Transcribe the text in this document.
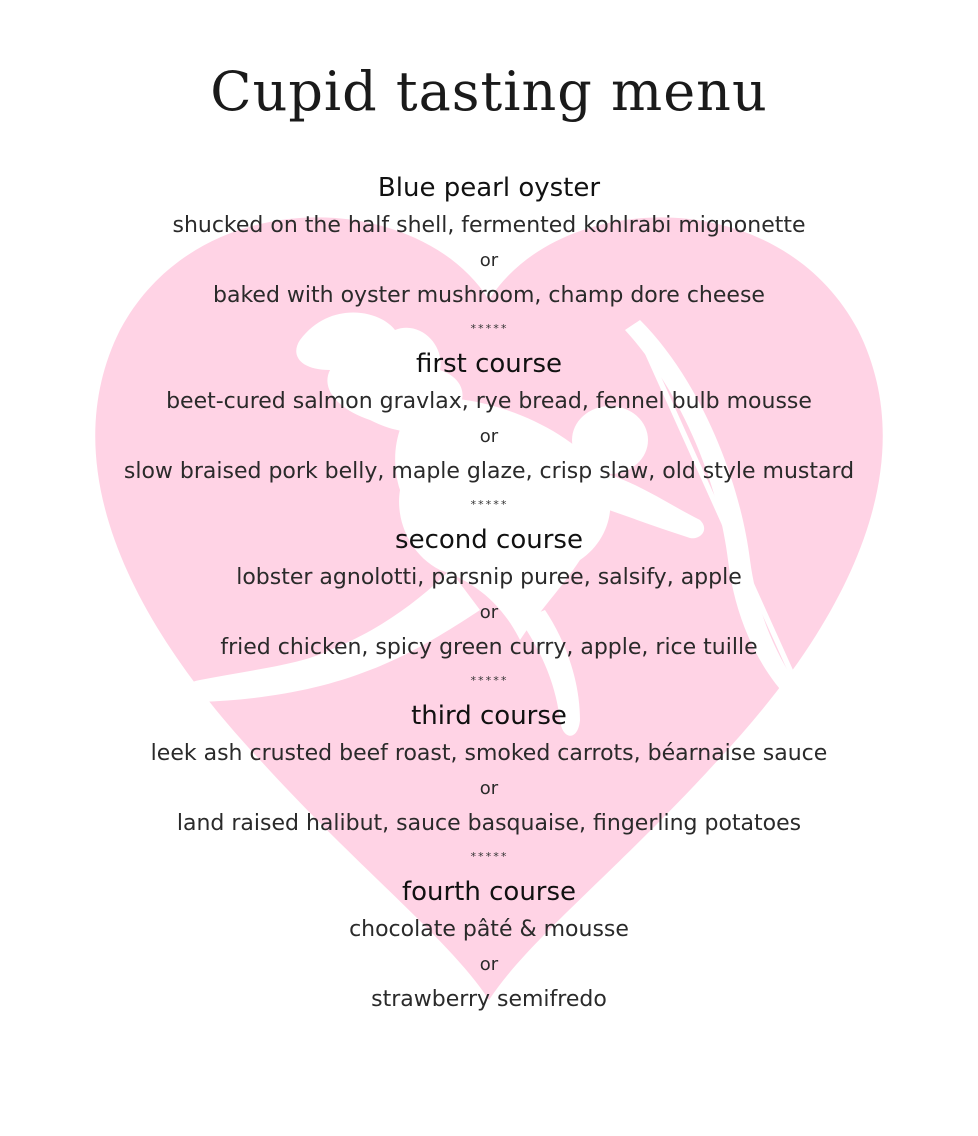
Cupid tasting menu
Blue pearl oyster
shucked on the half shell, fermented kohlrabi mignonette
or
baked with oyster mushroom, champ dore cheese
*****
first course
beet-cured salmon gravlax, rye bread, fennel bulb mousse
or
slow braised pork belly, maple glaze, crisp slaw, old style mustard
*****
second course
lobster agnolotti, parsnip puree, salsify, apple
or
fried chicken, spicy green curry, apple, rice tuille
*****
third course
leek ash crusted beef roast, smoked carrots, béarnaise sauce
or
land raised halibut, sauce basquaise, fingerling potatoes
*****
fourth course
chocolate pâté & mousse
or
strawberry semifredo
